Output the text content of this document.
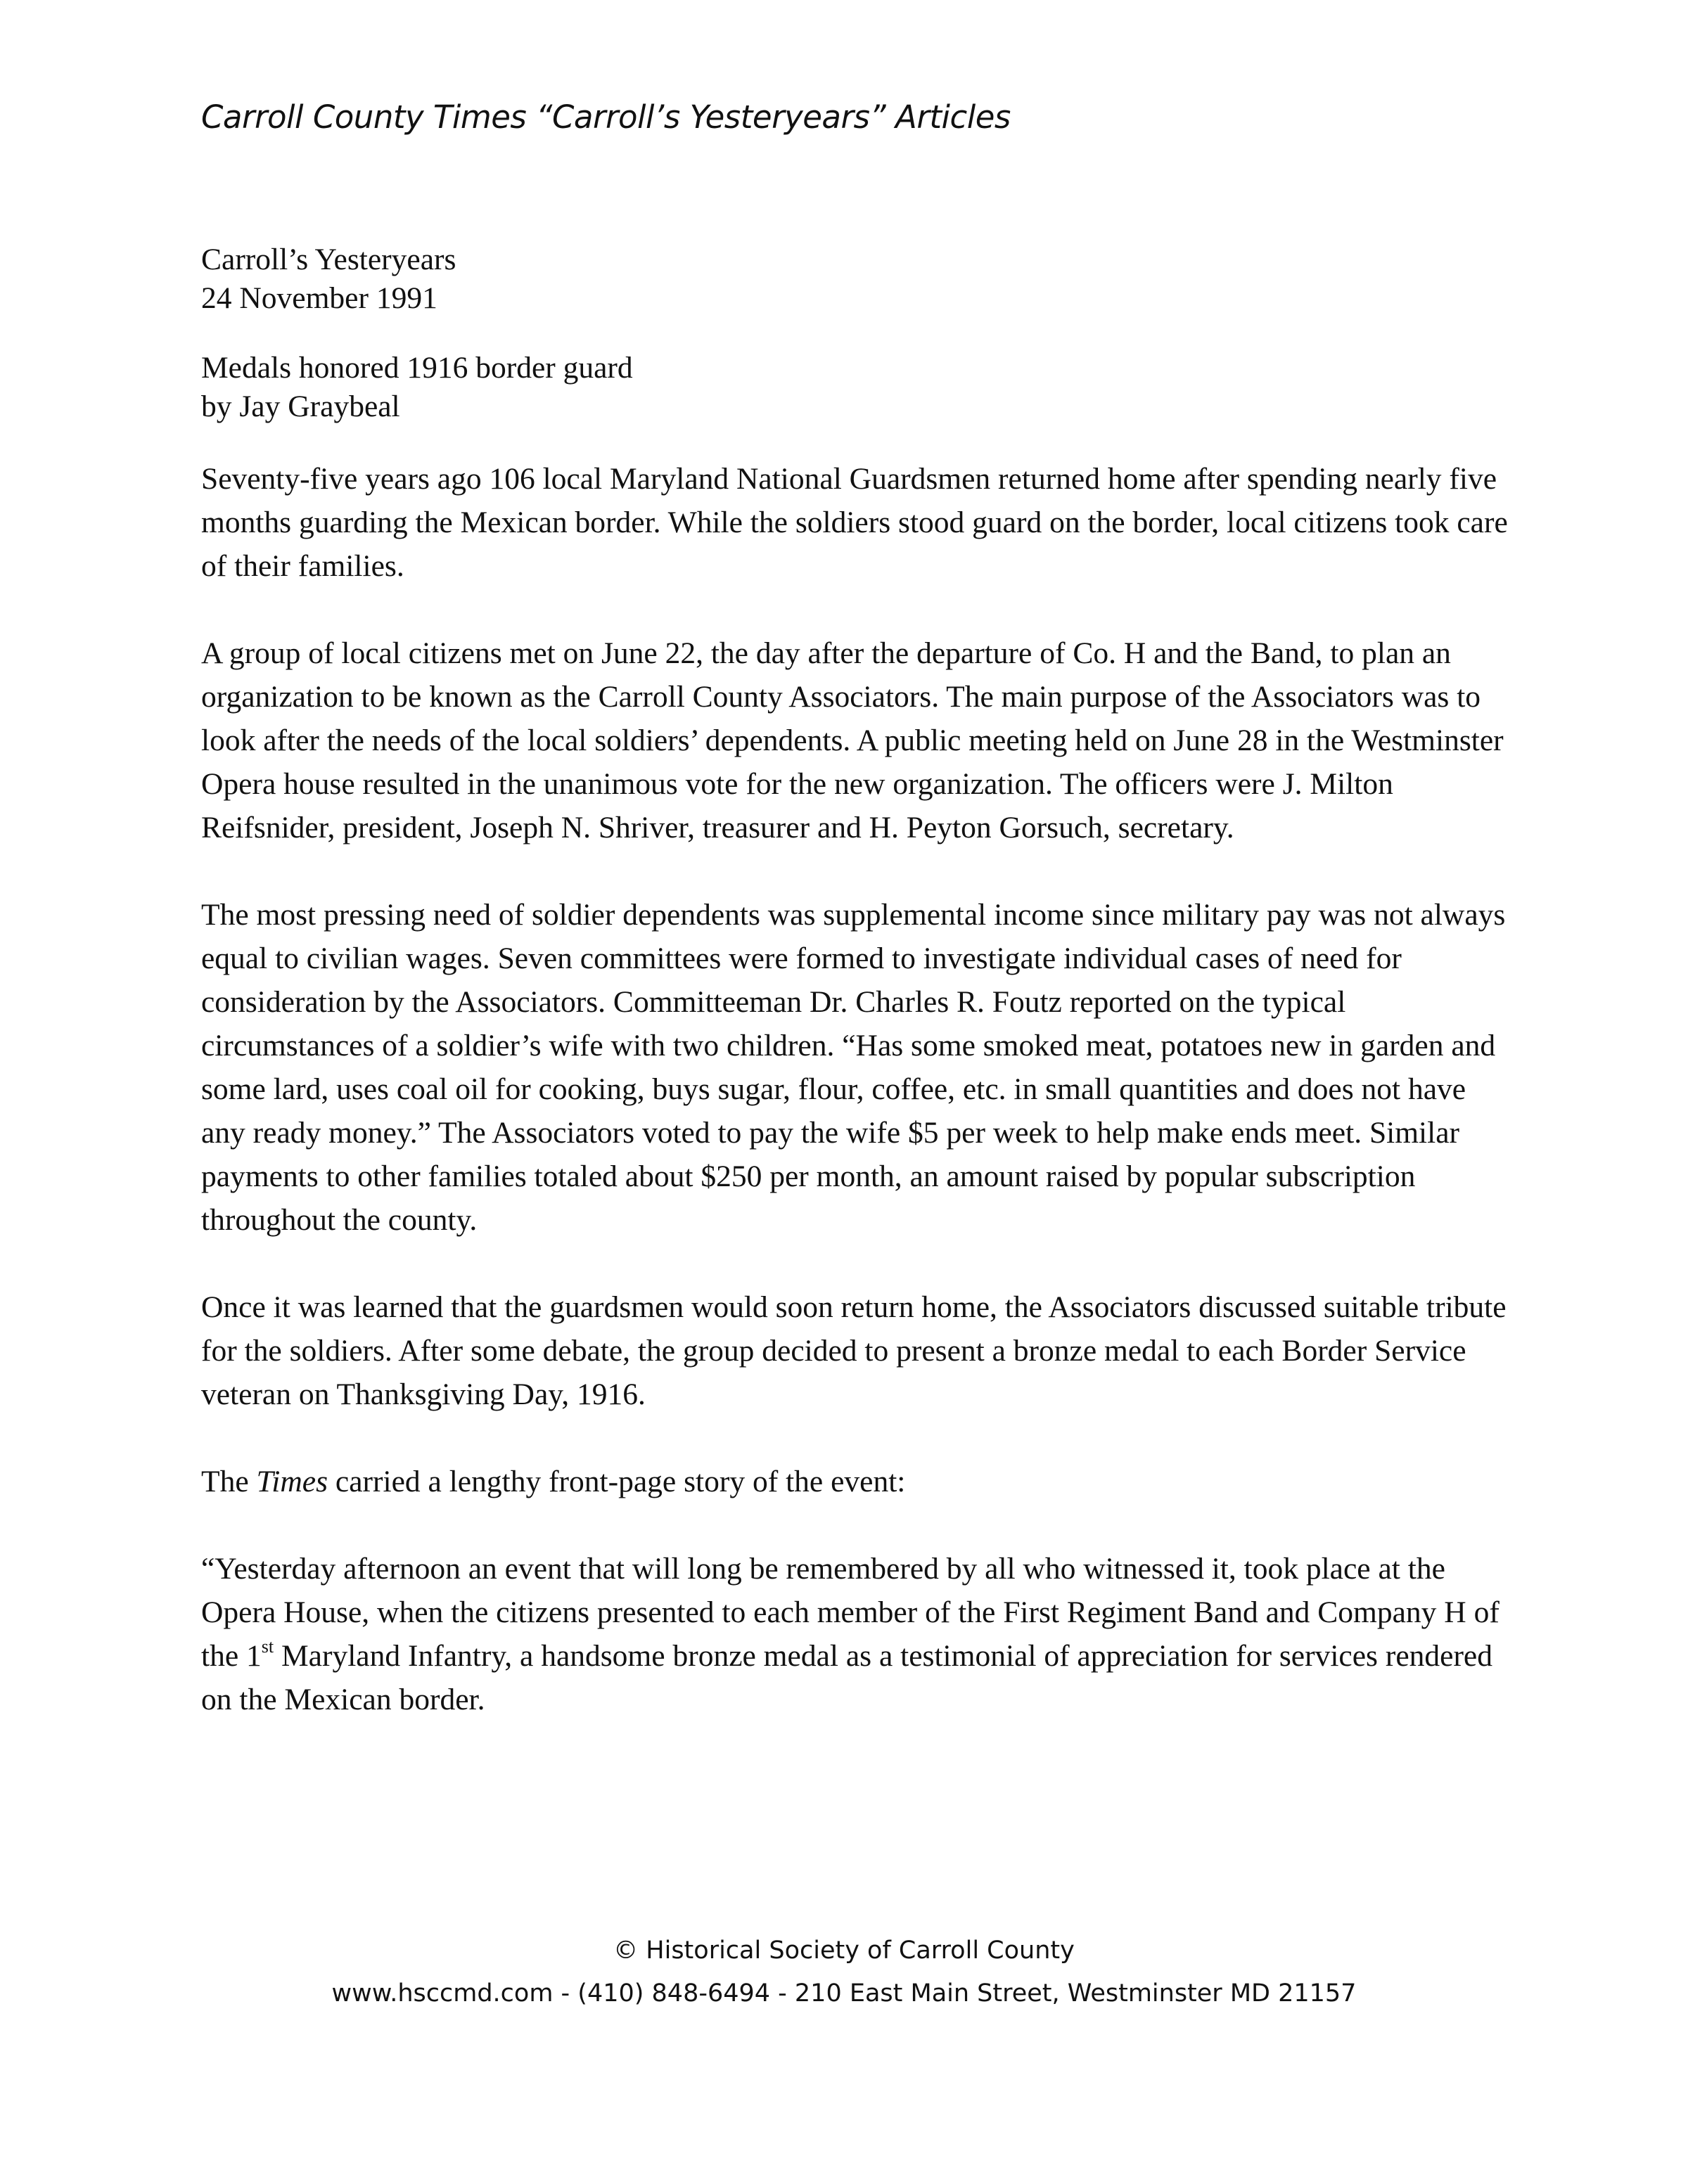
Carroll County Times “Carroll’s Yesteryears” Articles
Carroll’s Yesteryears
24 November 1991
Medals honored 1916 border guard
by Jay Graybeal

Seventy-five years ago 106 local Maryland National Guardsmen returned home after spending nearly five months guarding the Mexican border. While the soldiers stood guard on the border, local citizens took care of their families.

A group of local citizens met on June 22, the day after the departure of Co. H and the Band, to plan an organization to be known as the Carroll County Associators. The main purpose of the Associators was to look after the needs of the local soldiers’ dependents. A public meeting held on June 28 in the Westminster Opera house resulted in the unanimous vote for the new organization. The officers were J. Milton Reifsnider, president, Joseph N. Shriver, treasurer and H. Peyton Gorsuch, secretary.

The most pressing need of soldier dependents was supplemental income since military pay was not always equal to civilian wages. Seven committees were formed to investigate individual cases of need for consideration by the Associators. Committeeman Dr. Charles R. Foutz reported on the typical circumstances of a soldier’s wife with two children. “Has some smoked meat, potatoes new in garden and some lard, uses coal oil for cooking, buys sugar, flour, coffee, etc. in small quantities and does not have any ready money.” The Associators voted to pay the wife $5 per week to help make ends meet. Similar payments to other families totaled about $250 per month, an amount raised by popular subscription throughout the county.

Once it was learned that the guardsmen would soon return home, the Associators discussed suitable tribute for the soldiers. After some debate, the group decided to present a bronze medal to each Border Service veteran on Thanksgiving Day, 1916.

The Times carried a lengthy front-page story of the event:

“Yesterday afternoon an event that will long be remembered by all who witnessed it, took place at the Opera House, when the citizens presented to each member of the First Regiment Band and Company H of the 1st Maryland Infantry, a handsome bronze medal as a testimonial of appreciation for services rendered on the Mexican border.

© Historical Society of Carroll County
www.hsccmd.com - (410) 848-6494 - 210 East Main Street, Westminster MD 21157
